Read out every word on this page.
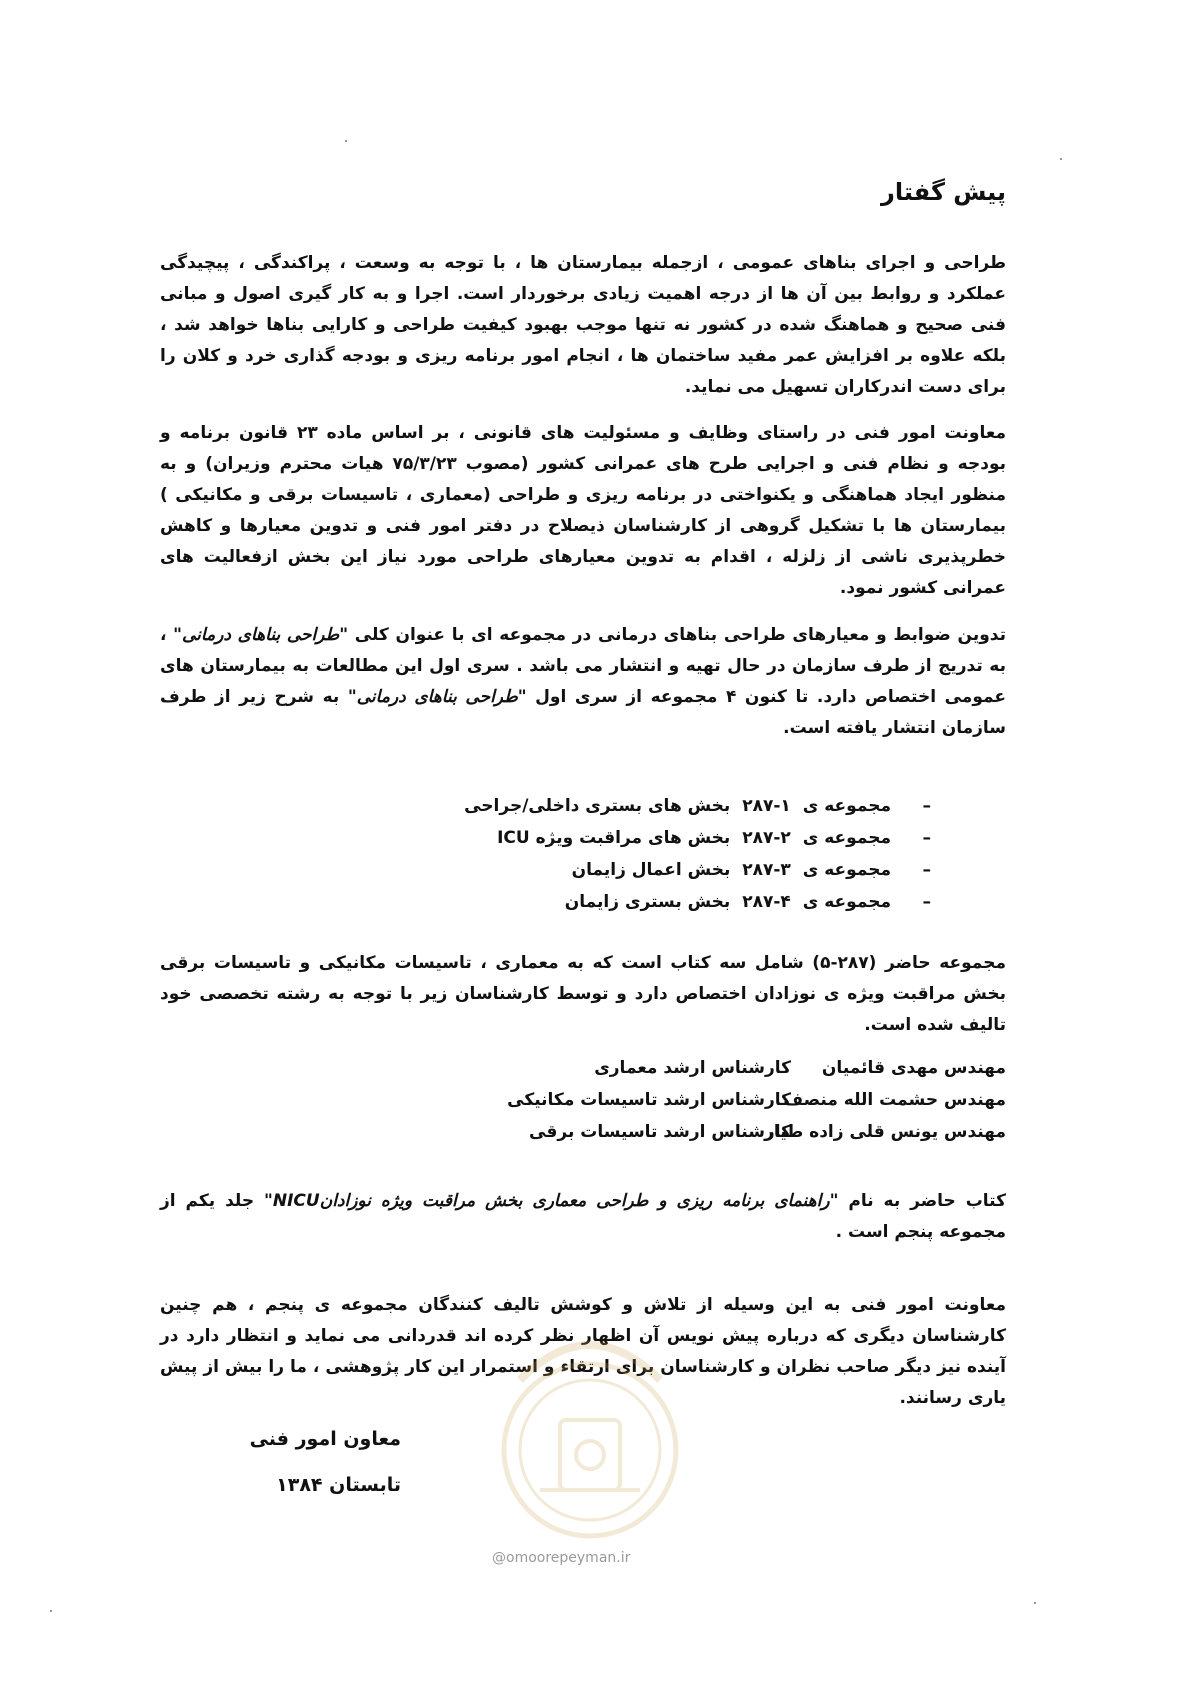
پیش گفتار

طراحی و اجرای بناهای عمومی ، ازجمله بیمارستان ها ، با توجه به وسعت ، پراکندگی ، پیچیدگی عملکرد و روابط بین آن ها از درجه اهمیت زیادی برخوردار است. اجرا و به کار گیری اصول و مبانی فنی صحیح و هماهنگ شده در کشور نه تنها موجب بهبود کیفیت طراحی و کارایی بناها خواهد شد ، بلکه علاوه بر افزایش عمر مفید ساختمان ها ، انجام امور برنامه ریزی و بودجه گذاری خرد و کلان را برای دست اندرکاران تسهیل می نماید.

معاونت امور فنی در راستای وظایف و مسئولیت های قانونی ، بر اساس ماده ۲۳ قانون برنامه و بودجه و نظام فنی و اجرایی طرح های عمرانی کشور (مصوب ۷۵/۳/۲۳ هیات محترم وزیران) و به منظور ایجاد هماهنگی و یکنواختی در برنامه ریزی و طراحی (معماری ، تاسیسات برقی و مکانیکی ) بیمارستان ها با تشکیل گروهی از کارشناسان ذیصلاح در دفتر امور فنی و تدوین معیارها و کاهش خطرپذیری ناشی از زلزله ، اقدام به تدوین معیارهای طراحی مورد نیاز این بخش ازفعالیت های عمرانی کشور نمود.

تدوین ضوابط و معیارهای طراحی بناهای درمانی در مجموعه ای با عنوان کلی "طراحی بناهای درمانی" ، به تدریج از طرف سازمان در حال تهیه و انتشار می باشد . سری اول این مطالعات به بیمارستان های عمومی اختصاص دارد. تا کنون ۴ مجموعه از سری اول "طراحی بناهای درمانی" به شرح زیر از طرف سازمان انتشار یافته است.

–مجموعه ی ۲۸۷-۱ بخش های بستری داخلی/جراحی
–مجموعه ی ۲۸۷-۲ بخش های مراقبت ویژه ICU
–مجموعه ی ۲۸۷-۳ بخش اعمال زایمان
–مجموعه ی ۲۸۷-۴ بخش بستری زایمان

مجموعه حاضر (۲۸۷-۵) شامل سه کتاب است که به معماری ، تاسیسات مکانیکی و تاسیسات برقی بخش مراقبت ویژه ی نوزادان اختصاص دارد و توسط کارشناسان زیر با توجه به رشته تخصصی خود تالیف شده است.

مهندس مهدی قائمیانکارشناس ارشد معماری
مهندس حشمت الله منصفکارشناس ارشد تاسیسات مکانیکی
مهندس یونس قلی زاده طیارکارشناس ارشد تاسیسات برقی

کتاب حاضر به نام "راهنمای برنامه ریزی و طراحی معماری بخش مراقبت ویژه نوزادانNICU" جلد یکم از مجموعه پنجم است .

معاونت امور فنی به این وسیله از تلاش و کوشش تالیف کنندگان مجموعه ی پنجم ، هم چنین کارشناسان دیگری که درباره پیش نویس آن اظهار نظر کرده اند قدردانی می نماید و انتظار دارد در آینده نیز دیگر صاحب نظران و کارشناسان برای ارتقاء و استمرار این کار پژوهشی ، ما را بیش از پیش یاری رسانند.

@omoorepeyman.ir
معاون امور فنی
تابستان ۱۳۸۴
